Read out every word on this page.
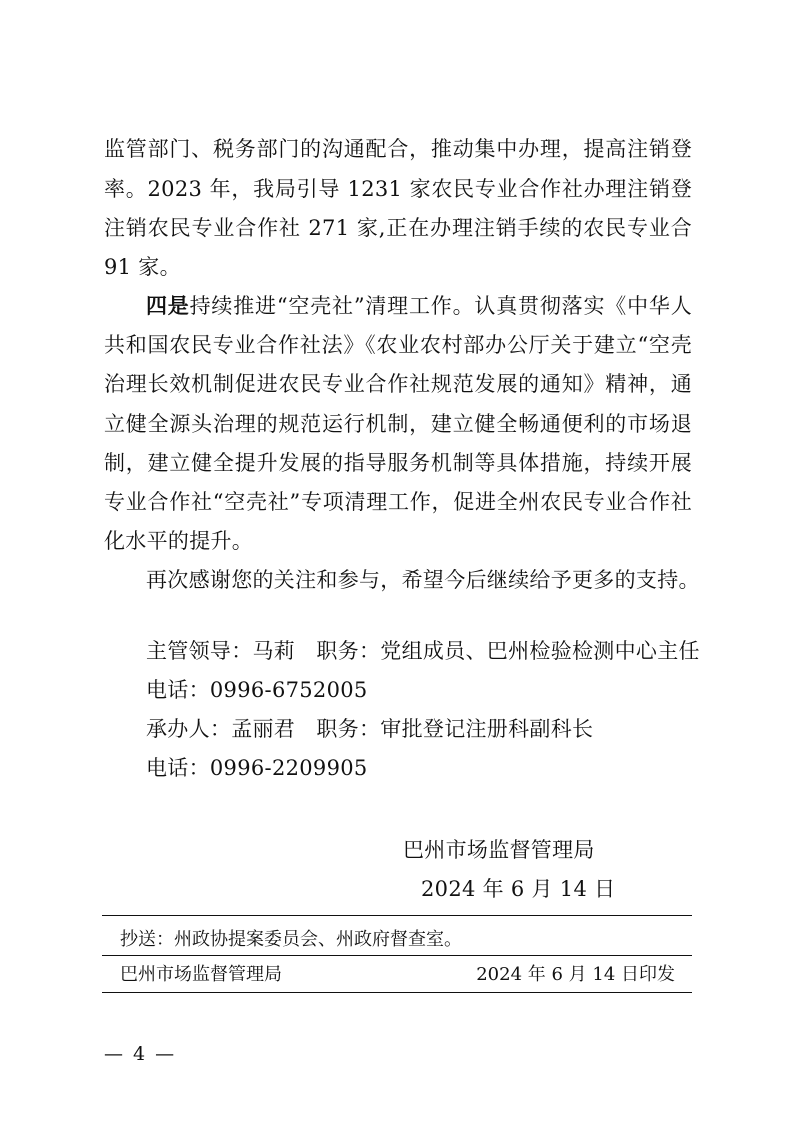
监管部门、税务部门的沟通配合，推动集中办理，提高注销登
率。2023 年，我局引导 1231 家农民专业合作社办理注销登
注销农民专业合作社 271 家,正在办理注销手续的农民专业合
91 家。
四是持续推进“空壳社”清理工作。认真贯彻落实《中华人
共和国农民专业合作社法》《农业农村部办公厅关于建立“空壳
治理长效机制促进农民专业合作社规范发展的通知》精神，通
立健全源头治理的规范运行机制，建立健全畅通便利的市场退
制，建立健全提升发展的指导服务机制等具体措施，持续开展
专业合作社“空壳社”专项清理工作，促进全州农民专业合作社
化水平的提升。
再次感谢您的关注和参与，希望今后继续给予更多的支持。
主管领导：马莉　职务：党组成员、巴州检验检测中心主任
电话：0996-6752005
承办人：孟丽君　职务：审批登记注册科副科长
电话：0996-2209905
巴州市场监督管理局
2024 年 6 月 14 日
抄送：州政协提案委员会、州政府督查室。
巴州市场监督管理局	2024 年 6 月 14 日印发
— 4 —
